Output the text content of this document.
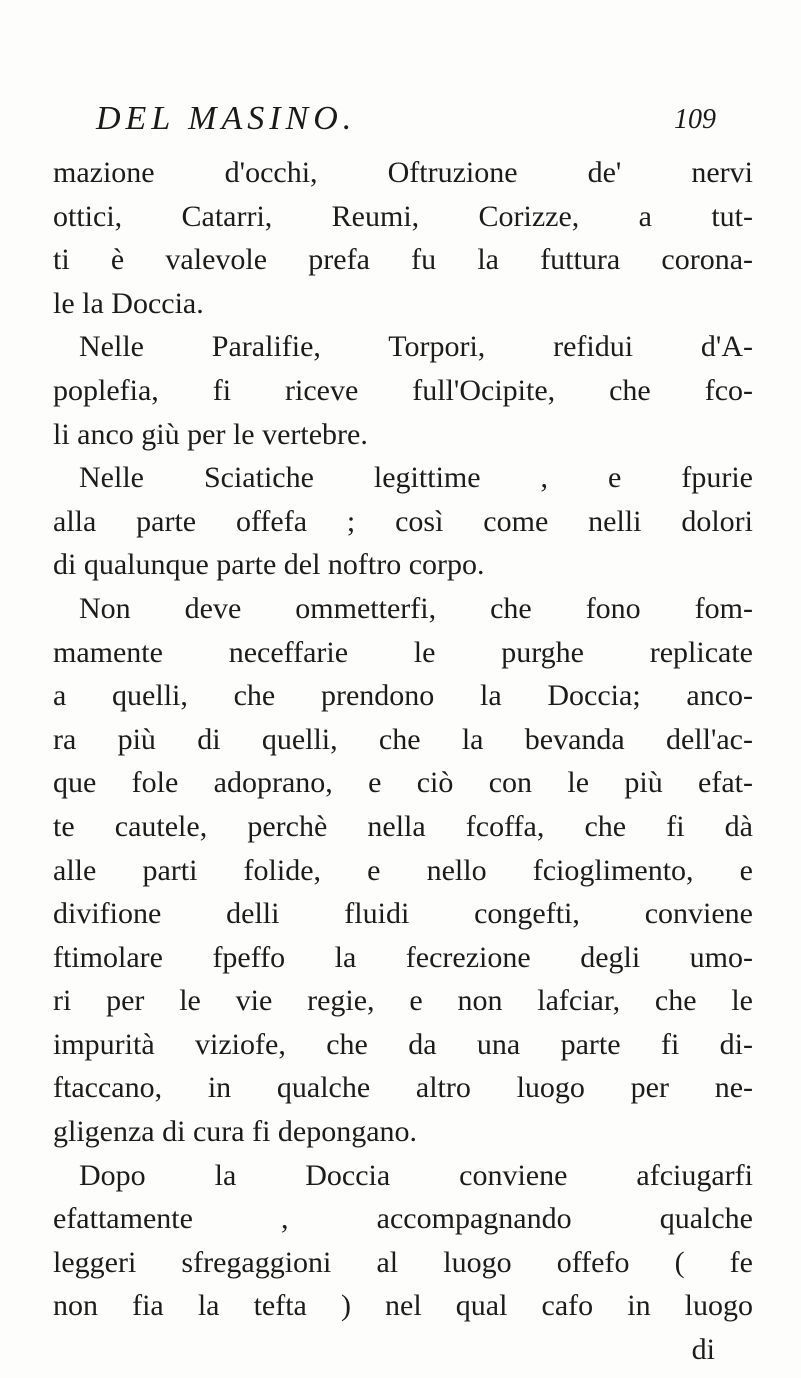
DEL MASINO.	109
mazione d'occhi, Oftruzione de' nervi
ottici, Catarri, Reumi, Corizze, a tut-
ti è valevole prefa fu la futtura corona-
le la Doccia.
Nelle Paralifie, Torpori, refidui d'A-
poplefia, fi riceve full'Ocipite, che fco-
li anco giù per le vertebre.
Nelle Sciatiche legittime , e fpurie
alla parte offefa ; così come nelli dolori
di qualunque parte del noftro corpo.
Non deve ommetterfi, che fono fom-
mamente neceffarie le purghe replicate
a quelli, che prendono la Doccia; anco-
ra più di quelli, che la bevanda dell'ac-
que fole adoprano, e ciò con le più efat-
te cautele, perchè nella fcoffa, che fi dà
alle parti folide, e nello fcioglimento, e
divifione delli fluidi congefti, conviene
ftimolare fpeffo la fecrezione degli umo-
ri per le vie regie, e non lafciar, che le
impurità viziofe, che da una parte fi di-
ftaccano, in qualche altro luogo per ne-
gligenza di cura fi depongano.
Dopo la Doccia conviene afciugarfi
efattamente , accompagnando qualche
leggeri sfregaggioni al luogo offefo ( fe
non fia la tefta ) nel qual cafo in luogo
di
